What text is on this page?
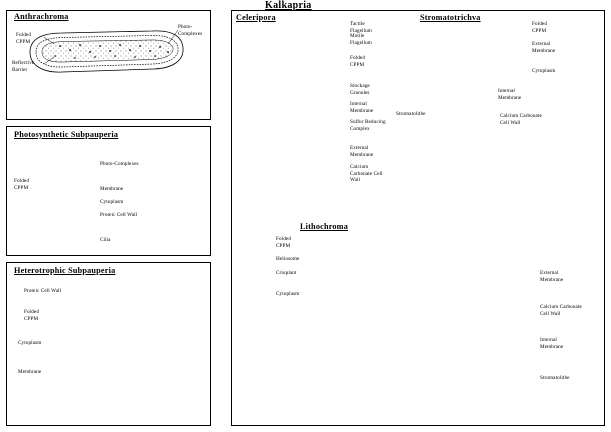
Anthrachroma
Photosynthetic Subpauperia
Heterotrophic Subpauperia
Kalkapria
Celeripora	Stromatotrichva
Lithochroma
Photo-Complexes
Folded CPPM
Reflective Barrier
Photo-Complexes
Folded CPPM	Membrane
Cytoplasm
Proteic Cell Wall
Cilia
Proteic Cell Wall
Folded CPPM
Cytoplasm
Membrane
Tactile Flagellum
Motile Flagellum
Folded CPPM
Stockage Granules
Internal Membrane
Sulfur Reducing Complex
External Membrane
Calcium Carbonate Cell Wall
Folded CPPM
External Membrane
Cytoplasm
Internal Membrane
Calcium Carbonate Cell Wall
Stromatolithe
Folded CPPM
Heliosome
Crioplant
Cytoplasm
External Membrane
Calcium Carbonate Cell Wall
Internal Membrane
Stromatolithe
